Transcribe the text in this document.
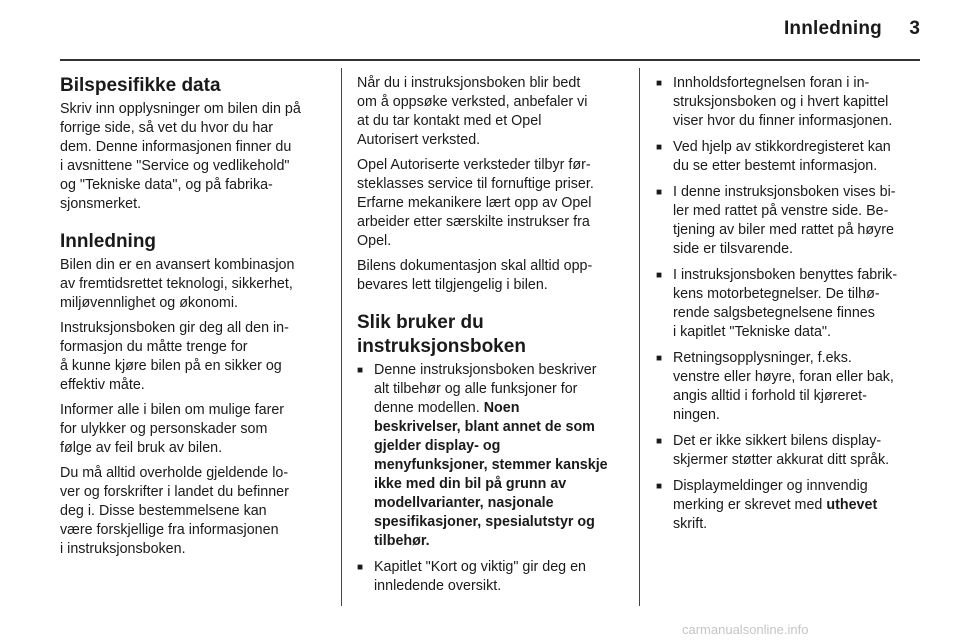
Innledning 3
Bilspesifikke data

Skriv inn opplysninger om bilen din på
forrige side, så vet du hvor du har
dem. Denne informasjonen finner du
i avsnittene "Service og vedlikehold"
og "Tekniske data", og på fabrika-
sjonsmerket.

Innledning

Bilen din er en avansert kombinasjon
av fremtidsrettet teknologi, sikkerhet,
miljøvennlighet og økonomi.

Instruksjonsboken gir deg all den in-
formasjon du måtte trenge for
å kunne kjøre bilen på en sikker og
effektiv måte.

Informer alle i bilen om mulige farer
for ulykker og personskader som
følge av feil bruk av bilen.

Du må alltid overholde gjeldende lo-
ver og forskrifter i landet du befinner
deg i. Disse bestemmelsene kan
være forskjellige fra informasjonen
i instruksjonsboken.

Når du i instruksjonsboken blir bedt
om å oppsøke verksted, anbefaler vi
at du tar kontakt med et Opel
Autorisert verksted.

Opel Autoriserte verksteder tilbyr før-
steklasses service til fornuftige priser.
Erfarne mekanikere lært opp av Opel
arbeider etter særskilte instrukser fra
Opel.

Bilens dokumentasjon skal alltid opp-
bevares lett tilgjengelig i bilen.

Slik bruker du
instruksjonsboken
■ Denne instruksjonsboken beskriver
alt tilbehør og alle funksjoner for
denne modellen. Noen
beskrivelser, blant annet de som
gjelder display- og
menyfunksjoner, stemmer kanskje
ikke med din bil på grunn av
modellvarianter, nasjonale
spesifikasjoner, spesialutstyr og
tilbehør.
■ Kapitlet "Kort og viktig" gir deg en
innledende oversikt.
■ Innholdsfortegnelsen foran i in-
struksjonsboken og i hvert kapittel
viser hvor du finner informasjonen.
■ Ved hjelp av stikkordregisteret kan
du se etter bestemt informasjon.
■ I denne instruksjonsboken vises bi-
ler med rattet på venstre side. Be-
tjening av biler med rattet på høyre
side er tilsvarende.
■ I instruksjonsboken benyttes fabrik-
kens motorbetegnelser. De tilhø-
rende salgsbetegnelsene finnes
i kapitlet "Tekniske data".
■ Retningsopplysninger, f.eks.
venstre eller høyre, foran eller bak,
angis alltid i forhold til kjøreret-
ningen.
■ Det er ikke sikkert bilens display-
skjermer støtter akkurat ditt språk.
■ Displaymeldinger og innvendig
merking er skrevet med uthevet
skrift.
carmanualsonline.info
